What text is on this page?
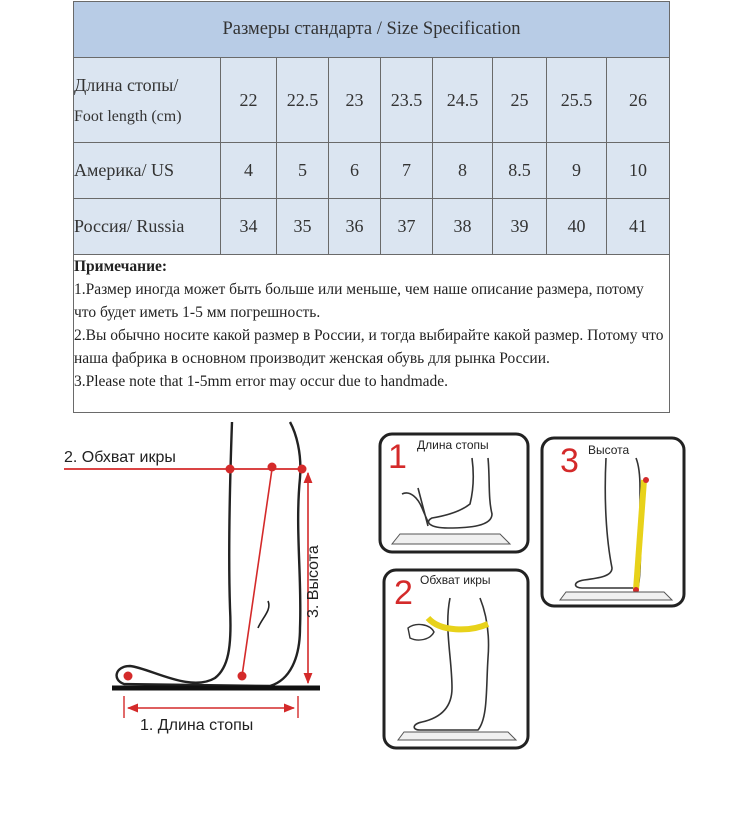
Размеры стандарта / Size Specification								

Длина стопы/
Foot length (cm)	22	22.5	23	23.5	24.5	25	25.5	26
Америка/ US	4	5	6	7	8	8.5	9	10
Россия/ Russia	34	35	36	37	38	39	40	41

Примечание:

1.Размер иногда может быть больше или меньше, чем наше описание размера, потому что будет иметь 1-5 мм погрешность.

2.Вы обычно носите какой размер в России, и тогда выбирайте какой размер. Потому что наша фабрика в основном производит женская обувь для рынка России.

3.Please note that 1-5mm error may occur due to handmade.								

2. Обхват икры
3. Высота
1. Длина стопы
1 Длина стопы
2 Обхват икры
3 Высота
